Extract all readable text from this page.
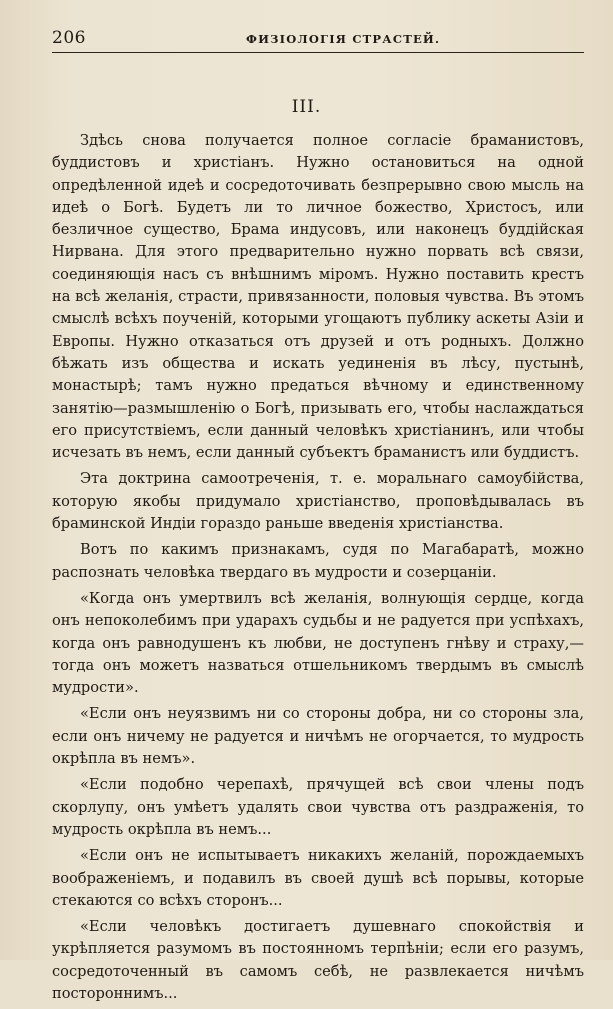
206	ФИЗIОЛОГIЯ СТРАСТЕЙ.
III.

Здѣсь снова получается полное согласie браманистовъ, буддистовъ и христiанъ. Нужно остановиться на одной опредѣленной идеѣ и сосредоточивать безпрерывно свою мысль на идеѣ о Богѣ. Будетъ ли то личное божество, Христосъ, или безличное существо, Брама индусовъ, или наконецъ буддiйская Нирвана. Для этого предварительно нужно порвать всѣ связи, соединяющiя насъ съ внѣшнимъ мiромъ. Нужно поставить крестъ на всѣ желанiя, страсти, привязанности, половыя чувства. Въ этомъ смыслѣ всѣхъ поученiй, которыми угощаютъ публику аскеты Азiи и Европы. Нужно отказаться отъ друзей и отъ родныхъ. Должно бѣжать изъ общества и искать уединенiя въ лѣсу, пустынѣ, монастырѣ; тамъ нужно предаться вѣчному и единственному занятiю—размышленiю о Богѣ, призывать его, чтобы наслаждаться его присутствiемъ, если данный человѣкъ христiанинъ, или чтобы исчезать въ немъ, если данный субъектъ браманистъ или буддистъ.

Эта доктрина самоотреченiя, т. е. моральнаго самоубiйства, которую якобы придумало христiанство, проповѣдывалась въ браминской Индiи гораздо раньше введенiя христiанства.

Вотъ по какимъ признакамъ, судя по Магабаратѣ, можно распознать человѣка твердаго въ мудрости и созерцанiи.

«Когда онъ умертвилъ всѣ желанiя, волнующiя сердце, когда онъ непоколебимъ при ударахъ судьбы и не радуется при успѣхахъ, когда онъ равнодушенъ къ любви, не доступенъ гнѣву и страху,—тогда онъ можетъ назваться отшельникомъ твердымъ въ смыслѣ мудрости».

«Если онъ неуязвимъ ни со стороны добра, ни со стороны зла, если онъ ничему не радуется и ничѣмъ не огорчается, то мудрость окрѣпла въ немъ».

«Если подобно черепахѣ, прячущей всѣ свои члены подъ скорлупу, онъ умѣетъ удалять свои чувства отъ раздраженiя, то мудрость окрѣпла въ немъ...

«Если онъ не испытываетъ никакихъ желанiй, порождаемыхъ воображенiемъ, и подавилъ въ своей душѣ всѣ порывы, которые стекаются со всѣхъ сторонъ...

«Если человѣкъ достигаетъ душевнаго спокойствiя и укрѣпляется разумомъ въ постоянномъ терпѣнiи; если его разумъ, сосредоточенный въ самомъ себѣ, не развлекается ничѣмъ постороннимъ...
